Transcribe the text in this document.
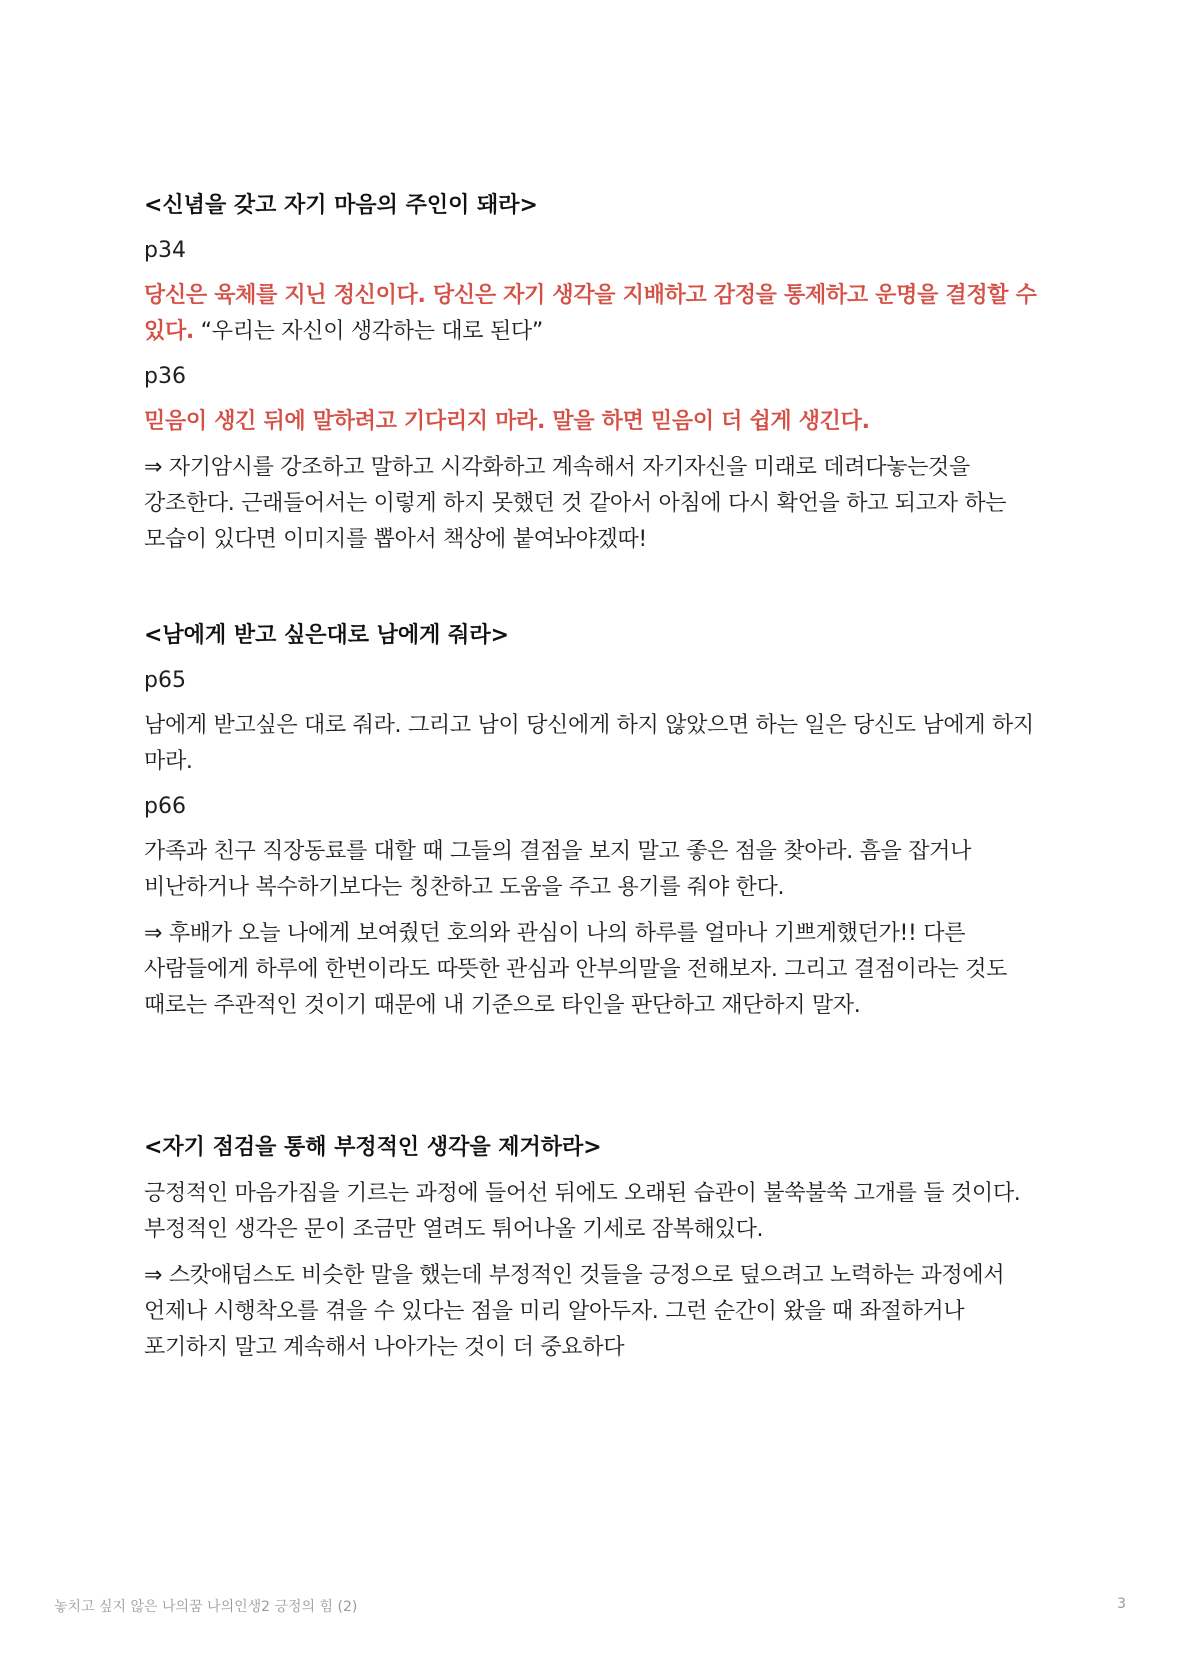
<신념을 갖고 자기 마음의 주인이 돼라>
p34
당신은 육체를 지닌 정신이다. 당신은 자기 생각을 지배하고 감정을 통제하고 운명을 결정할 수 있다. “우리는 자신이 생각하는 대로 된다”
p36
믿음이 생긴 뒤에 말하려고 기다리지 마라. 말을 하면 믿음이 더 쉽게 생긴다.
⇒ 자기암시를 강조하고 말하고 시각화하고 계속해서 자기자신을 미래로 데려다놓는것을 강조한다. 근래들어서는 이렇게 하지 못했던 것 같아서 아침에 다시 확언을 하고 되고자 하는 모습이 있다면 이미지를 뽑아서 책상에 붙여놔야겠따!
<남에게 받고 싶은대로 남에게 줘라>
p65
남에게 받고싶은 대로 줘라. 그리고 남이 당신에게 하지 않았으면 하는 일은 당신도 남에게 하지 마라.
p66
가족과 친구 직장동료를 대할 때 그들의 결점을 보지 말고 좋은 점을 찾아라. 흠을 잡거나 비난하거나 복수하기보다는 칭찬하고 도움을 주고 용기를 줘야 한다.
⇒ 후배가 오늘 나에게 보여줬던 호의와 관심이 나의 하루를 얼마나 기쁘게했던가!! 다른 사람들에게 하루에 한번이라도 따뜻한 관심과 안부의말을 전해보자. 그리고 결점이라는 것도 때로는 주관적인 것이기 때문에 내 기준으로 타인을 판단하고 재단하지 말자.
<자기 점검을 통해 부정적인 생각을 제거하라>
긍정적인 마음가짐을 기르는 과정에 들어선 뒤에도 오래된 습관이 불쑥불쑥 고개를 들 것이다. 부정적인 생각은 문이 조금만 열려도 튀어나올 기세로 잠복해있다.
⇒ 스캇애덤스도 비슷한 말을 했는데 부정적인 것들을 긍정으로 덮으려고 노력하는 과정에서 언제나 시행착오를 겪을 수 있다는 점을 미리 알아두자. 그런 순간이 왔을 때 좌절하거나 포기하지 말고 계속해서 나아가는 것이 더 중요하다
놓치고 싶지 않은 나의꿈 나의인생2 긍정의 힘 (2)	3
